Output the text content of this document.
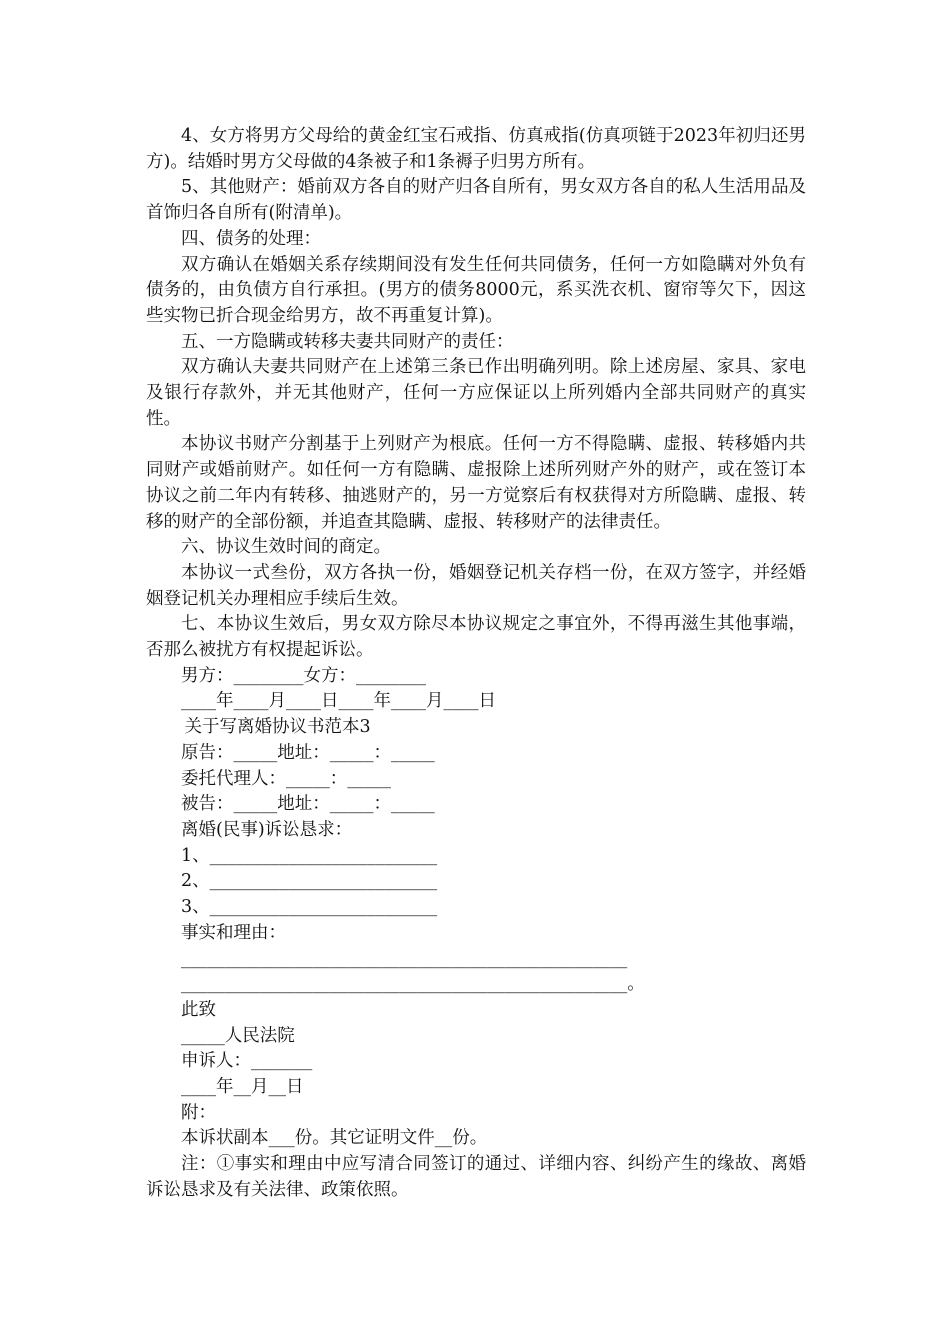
4、女方将男方父母给的黄金红宝石戒指、仿真戒指(仿真项链于2023年初归还男方)。结婚时男方父母做的4条被子和1条褥子归男方所有。

5、其他财产：婚前双方各自的财产归各自所有，男女双方各自的私人生活用品及首饰归各自所有(附清单)。

四、债务的处理：

双方确认在婚姻关系存续期间没有发生任何共同债务，任何一方如隐瞒对外负有债务的，由负债方自行承担。(男方的债务8000元，系买洗衣机、窗帘等欠下，因这些实物已折合现金给男方，故不再重复计算)。

五、一方隐瞒或转移夫妻共同财产的责任：

双方确认夫妻共同财产在上述第三条已作出明确列明。除上述房屋、家具、家电及银行存款外，并无其他财产，任何一方应保证以上所列婚内全部共同财产的真实性。

本协议书财产分割基于上列财产为根底。任何一方不得隐瞒、虚报、转移婚内共同财产或婚前财产。如任何一方有隐瞒、虚报除上述所列财产外的财产，或在签订本协议之前二年内有转移、抽逃财产的，另一方觉察后有权获得对方所隐瞒、虚报、转移的财产的全部份额，并追查其隐瞒、虚报、转移财产的法律责任。

六、协议生效时间的商定。

本协议一式叁份，双方各执一份，婚姻登记机关存档一份，在双方签字，并经婚姻登记机关办理相应手续后生效。

七、本协议生效后，男女双方除尽本协议规定之事宜外，不得再滋生其他事端，否那么被扰方有权提起诉讼。

男方：________女方：________

____年____月____日____年____月____日

关于写离婚协议书范本3

原告：_____地址：_____：_____

委托代理人：_____：_____

被告：_____地址：_____：_____

离婚(民事)诉讼恳求：

1、__________________________

2、__________________________

3、__________________________

事实和理由：

___________________________________________________

___________________________________________________。

此致

_____人民法院

申诉人：_______

____年__月__日

附：

本诉状副本___份。其它证明文件__份。

注：①事实和理由中应写清合同签订的通过、详细内容、纠纷产生的缘故、离婚诉讼恳求及有关法律、政策依照。
